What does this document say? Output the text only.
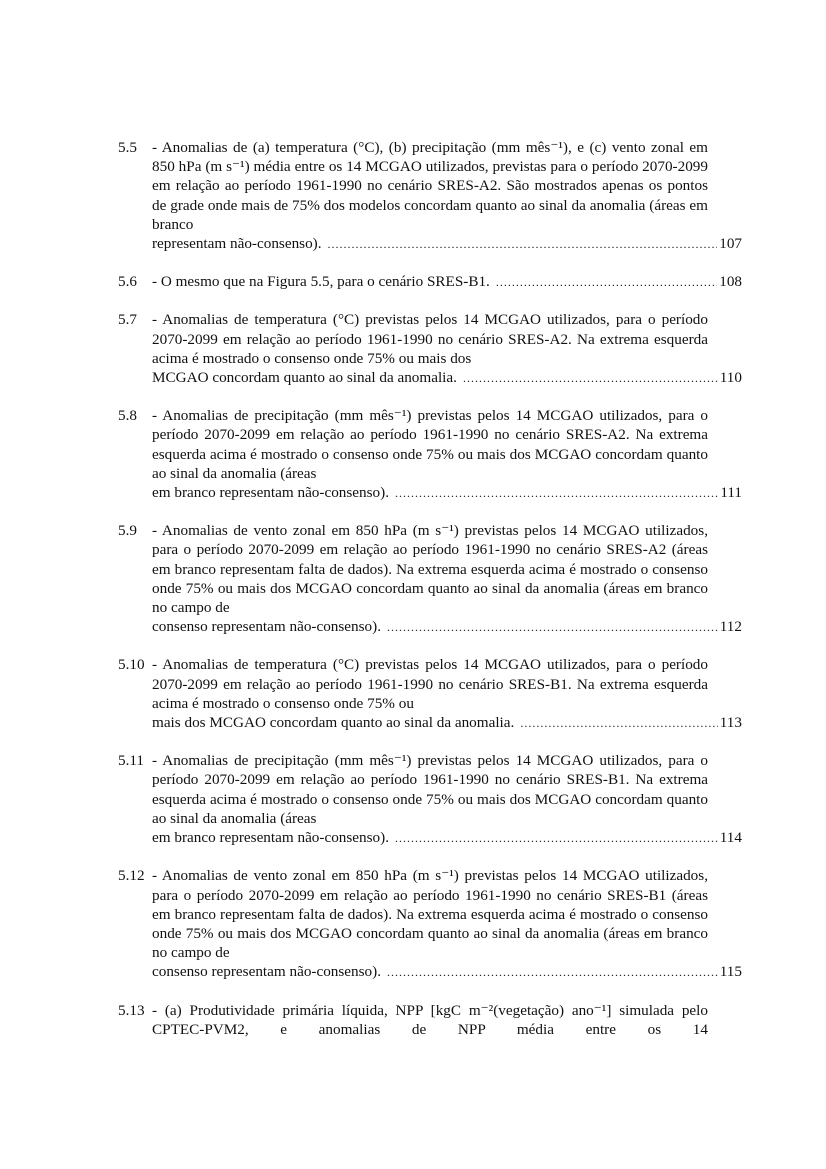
5.5 - Anomalias de (a) temperatura (°C), (b) precipitação (mm mês⁻¹), e (c) vento zonal em 850 hPa (m s⁻¹) média entre os 14 MCGAO utilizados, previstas para o período 2070-2099 em relação ao período 1961-1990 no cenário SRES-A2. São mostrados apenas os pontos de grade onde mais de 75% dos modelos concordam quanto ao sinal da anomalia (áreas em branco

representam não-consenso). .....	107
5.6 - O mesmo que na Figura 5.5, para o cenário SRES-B1. .....	108
5.7 - Anomalias de temperatura (°C) previstas pelos 14 MCGAO utilizados, para o período 2070-2099 em relação ao período 1961-1990 no cenário SRES-A2. Na extrema esquerda acima é mostrado o consenso onde 75% ou mais dos

MCGAO concordam quanto ao sinal da anomalia. .....	110
5.8 - Anomalias de precipitação (mm mês⁻¹) previstas pelos 14 MCGAO utilizados, para o período 2070-2099 em relação ao período 1961-1990 no cenário SRES-A2. Na extrema esquerda acima é mostrado o consenso onde 75% ou mais dos MCGAO concordam quanto ao sinal da anomalia (áreas

em branco representam não-consenso). .....	111
5.9 - Anomalias de vento zonal em 850 hPa (m s⁻¹) previstas pelos 14 MCGAO utilizados, para o período 2070-2099 em relação ao período 1961-1990 no cenário SRES-A2 (áreas em branco representam falta de dados). Na extrema esquerda acima é mostrado o consenso onde 75% ou mais dos MCGAO concordam quanto ao sinal da anomalia (áreas em branco no campo de

consenso representam não-consenso). .....	112
5.10 - Anomalias de temperatura (°C) previstas pelos 14 MCGAO utilizados, para o período 2070-2099 em relação ao período 1961-1990 no cenário SRES-B1. Na extrema esquerda acima é mostrado o consenso onde 75% ou

mais dos MCGAO concordam quanto ao sinal da anomalia. .....	113
5.11 - Anomalias de precipitação (mm mês⁻¹) previstas pelos 14 MCGAO utilizados, para o período 2070-2099 em relação ao período 1961-1990 no cenário SRES-B1. Na extrema esquerda acima é mostrado o consenso onde 75% ou mais dos MCGAO concordam quanto ao sinal da anomalia (áreas

em branco representam não-consenso). .....	114
5.12 - Anomalias de vento zonal em 850 hPa (m s⁻¹) previstas pelos 14 MCGAO utilizados, para o período 2070-2099 em relação ao período 1961-1990 no cenário SRES-B1 (áreas em branco representam falta de dados). Na extrema esquerda acima é mostrado o consenso onde 75% ou mais dos MCGAO concordam quanto ao sinal da anomalia (áreas em branco no campo de

consenso representam não-consenso). .....	115
5.13 - (a) Produtividade primária líquida, NPP [kgC m⁻²(vegetação) ano⁻¹] simulada pelo CPTEC-PVM2, e anomalias de NPP média entre os 14
